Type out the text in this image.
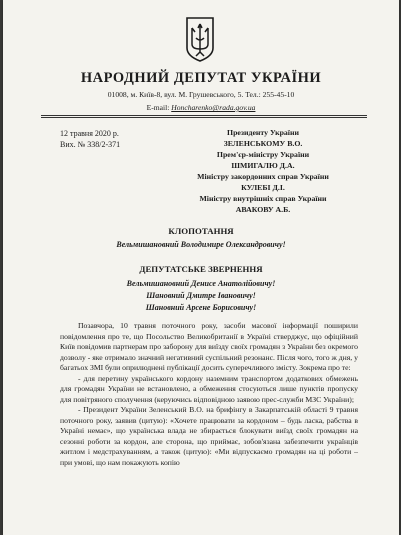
НАРОДНИЙ ДЕПУТАТ УКРАЇНИ
01008, м. Київ-8, вул. М. Грушевського, 5. Тел.: 255-45-10
E-mail: Honcharenko@rada.gov.ua
12 травня 2020 р.
Вих. № 338/2-371
Президенту України
ЗЕЛЕНСЬКОМУ В.О.
Прем'єр-міністру України
ШМИГАЛЮ Д.А.
Міністру закордонних справ України
КУЛЕБІ Д.І.
Міністру внутрішніх справ України
АВАКОВУ А.Б.
КЛОПОТАННЯ
Вельмишановний Володимире Олександровичу!
ДЕПУТАТСЬКЕ ЗВЕРНЕННЯ
Вельмишановний Денисе Анатолійовичу!
Шановний Дмитре Івановичу!
Шановний Арсене Борисовичу!

Позавчора, 10 травня поточного року, засоби масової інформації поширили повідомлення про те, що Посольство Великобританії в Україні стверджує, що офіційний Київ повідомив партнерам про заборону для виїзду своїх громадян з України без окремого дозволу - яке отримало значний негативний суспільний резонанс. Після чого, того ж дня, у багатьох ЗМІ були оприлюднені публікації досить суперечливого змісту. Зокрема про те:

- для перетину українського кордону наземним транспортом додаткових обмежень для громадян України не встановлено, а обмеження стосуються лише пунктів пропуску для повітряного сполучення (керуючись відповідною заявою прес-служби МЗС України);

- Президент України Зеленський В.О. на брифінгу в Закарпатській області 9 травня поточного року, заявив (цитую): «Хочете працювати за кордоном – будь ласка, рабства в Україні немає», що українська влада не збирається блокувати виїзд своїх громадян на сезонні роботи за кордон, але сторона, що приймає, зобов'язана забезпечити українців житлом і медстрахуванням, а також (цитую): «Ми відпускаємо громадян на ці роботи – при умові, що нам покажують копію
